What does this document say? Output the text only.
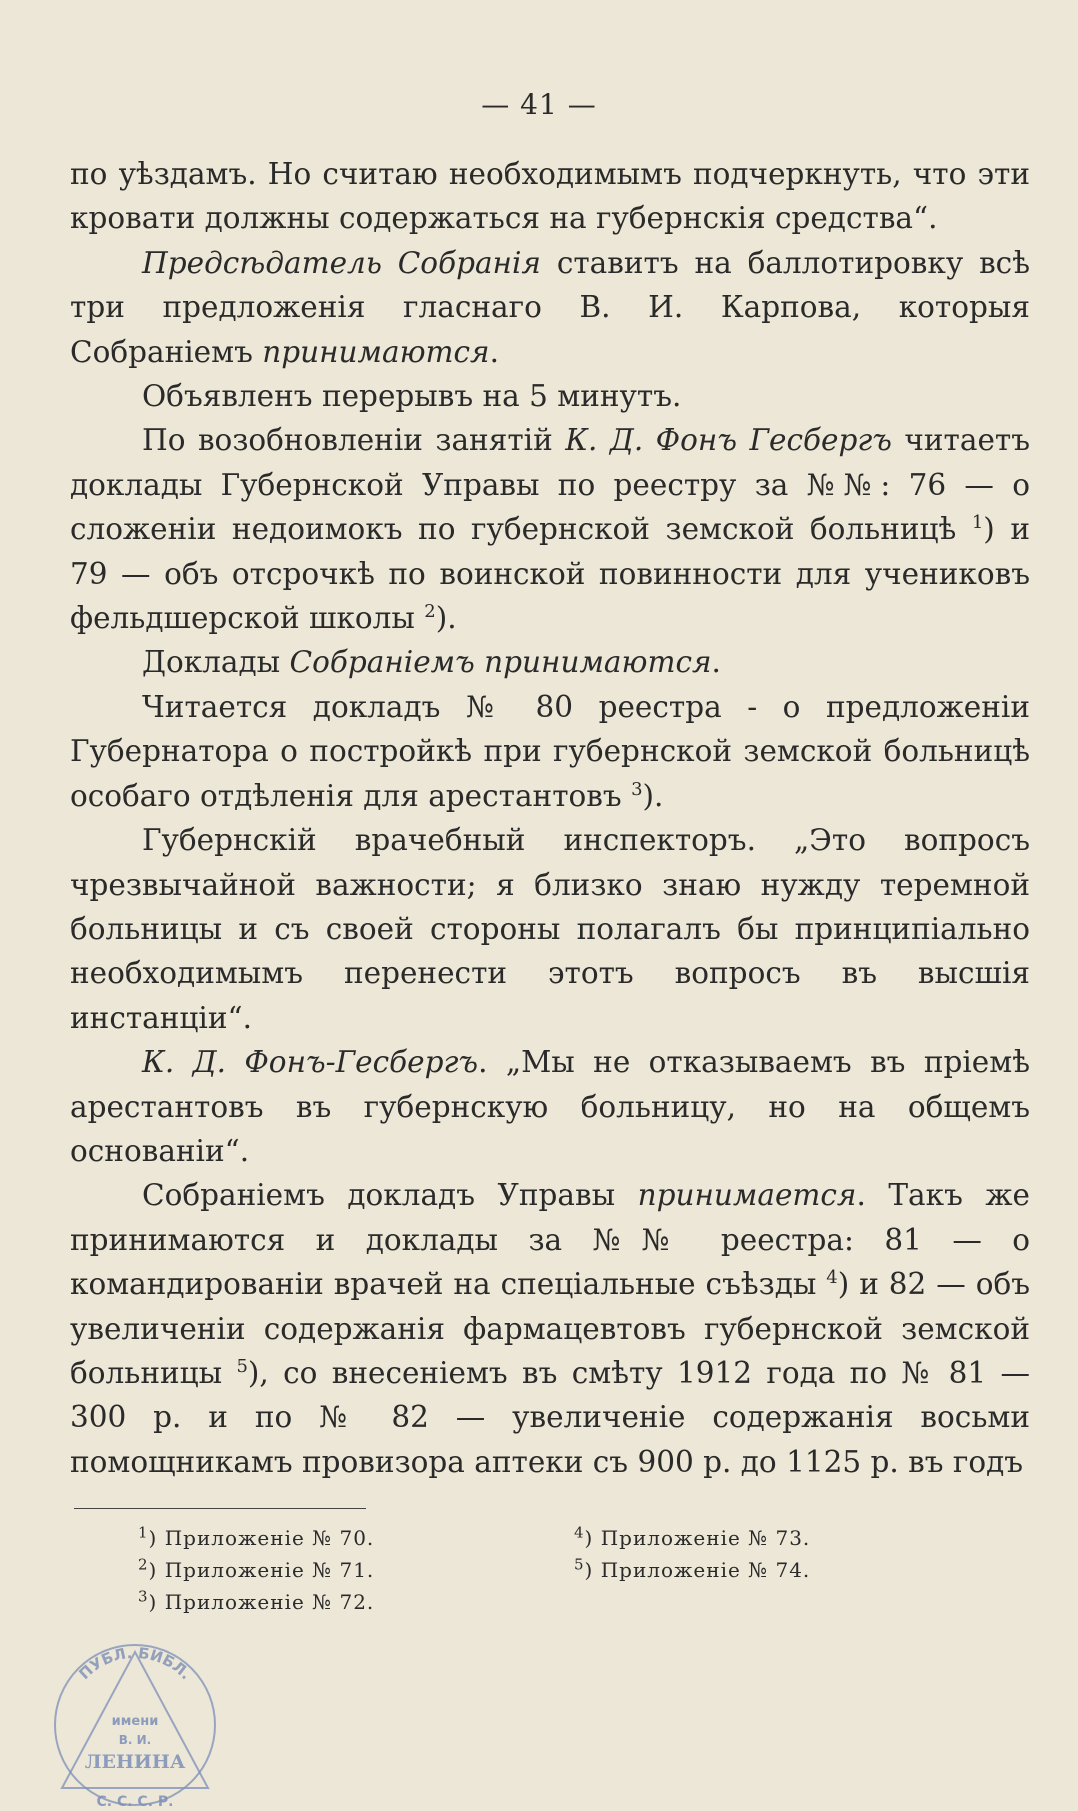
— 41 —

по уѣздамъ. Но считаю необходимымъ подчеркнуть, что эти кровати должны содержаться на губернскія средства“.

Предсѣдатель Собранія ставитъ на баллотировку всѣ три предложенія гласнаго В. И. Карпова, которыя Собраніемъ принимаются.

Объявленъ перерывъ на 5 минутъ.

По возобновленіи занятій К. Д. Фонъ Гесбергъ читаетъ доклады Губернской Управы по реестру за №№: 76 — о сложеніи недоимокъ по губернской земской больницѣ $^1$) и 79 — объ отсрочкѣ по воинской повинности для учениковъ фельдшерской школы $^2$).

Доклады Собраніемъ принимаются.

Читается докладъ № 80 реестра - о предложеніи Губернатора о постройкѣ при губернской земской больницѣ особаго отдѣленія для арестантовъ $^3$).

Губернскій врачебный инспекторъ. „Это вопросъ чрезвычайной важности; я близко знаю нужду теремной больницы и съ своей стороны полагалъ бы принципіально необходимымъ перенести этотъ вопросъ въ высшія инстанціи“.

К. Д. Фонъ-Гесбергъ. „Мы не отказываемъ въ пріемѣ арестантовъ въ губернскую больницу, но на общемъ основаніи“.

Собраніемъ докладъ Управы принимается. Такъ же принимаются и доклады за №№ реестра: 81 — о командированіи врачей на спеціальные съѣзды $^4$) и 82 — объ увеличеніи содержанія фармацевтовъ губернской земской больницы $^5$), со внесеніемъ въ смѣту 1912 года по № 81 — 300 р. и по № 82 — увеличеніе содержанія восьми помощникамъ провизора аптеки съ 900 р. до 1125 р. въ годъ

$^1$) Приложеніе № 70.
$^2$) Приложеніе № 71.
$^3$) Приложеніе № 72.
$^4$) Приложеніе № 73.
$^5$) Приложеніе № 74.
ПУБЛ. БИБЛ.
имени
В. И.
ЛЕНИНА
С. С. С. Р.
